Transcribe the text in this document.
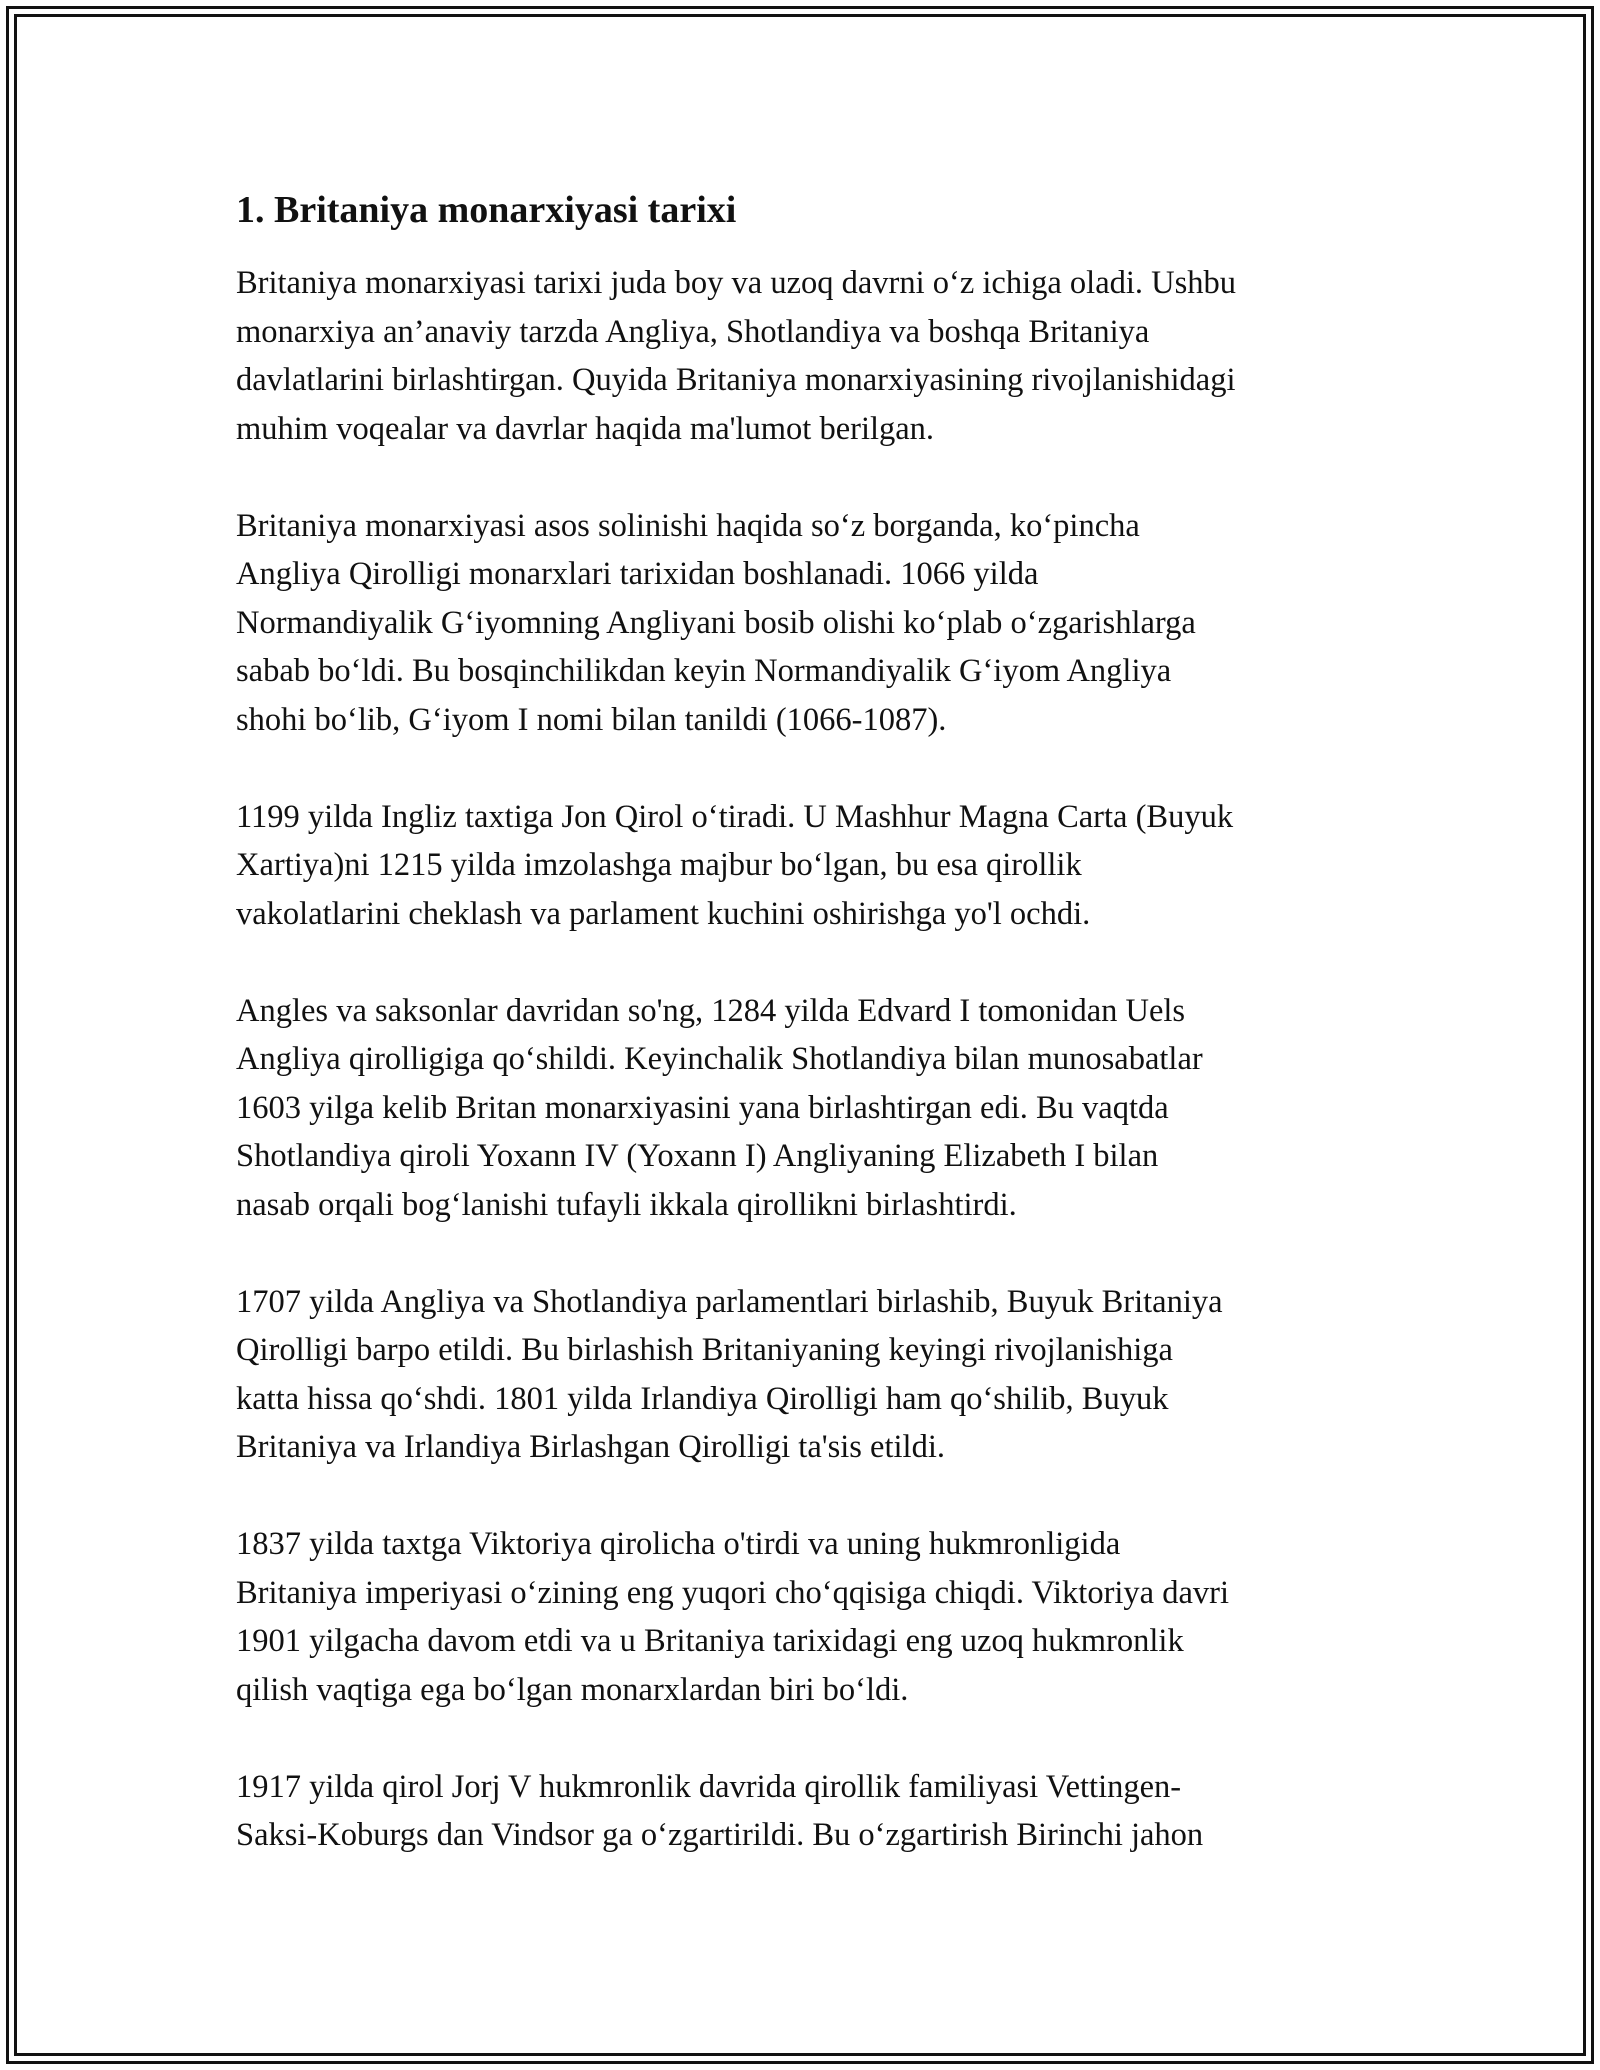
1. Britaniya monarxiyasi tarixi

Britaniya monarxiyasi tarixi juda boy va uzoq davrni o‘z ichiga oladi. Ushbu
monarxiya an’anaviy tarzda Angliya, Shotlandiya va boshqa Britaniya
davlatlarini birlashtirgan. Quyida Britaniya monarxiyasining rivojlanishidagi
muhim voqealar va davrlar haqida ma'lumot berilgan.

Britaniya monarxiyasi asos solinishi haqida so‘z borganda, ko‘pincha
Angliya Qirolligi monarxlari tarixidan boshlanadi. 1066 yilda
Normandiyalik G‘iyomning Angliyani bosib olishi ko‘plab o‘zgarishlarga
sabab bo‘ldi. Bu bosqinchilikdan keyin Normandiyalik G‘iyom Angliya
shohi bo‘lib, G‘iyom I nomi bilan tanildi (1066-1087).

1199 yilda Ingliz taxtiga Jon Qirol o‘tiradi. U Mashhur Magna Carta (Buyuk
Xartiya)ni 1215 yilda imzolashga majbur bo‘lgan, bu esa qirollik
vakolatlarini cheklash va parlament kuchini oshirishga yo'l ochdi.

Angles va saksonlar davridan so'ng, 1284 yilda Edvard I tomonidan Uels
Angliya qirolligiga qo‘shildi. Keyinchalik Shotlandiya bilan munosabatlar
1603 yilga kelib Britan monarxiyasini yana birlashtirgan edi. Bu vaqtda
Shotlandiya qiroli Yoxann IV (Yoxann I) Angliyaning Elizabeth I bilan
nasab orqali bog‘lanishi tufayli ikkala qirollikni birlashtirdi.

1707 yilda Angliya va Shotlandiya parlamentlari birlashib, Buyuk Britaniya
Qirolligi barpo etildi. Bu birlashish Britaniyaning keyingi rivojlanishiga
katta hissa qo‘shdi. 1801 yilda Irlandiya Qirolligi ham qo‘shilib, Buyuk
Britaniya va Irlandiya Birlashgan Qirolligi ta'sis etildi.

1837 yilda taxtga Viktoriya qirolicha o'tirdi va uning hukmronligida
Britaniya imperiyasi o‘zining eng yuqori cho‘qqisiga chiqdi. Viktoriya davri
1901 yilgacha davom etdi va u Britaniya tarixidagi eng uzoq hukmronlik
qilish vaqtiga ega bo‘lgan monarxlardan biri bo‘ldi.

1917 yilda qirol Jorj V hukmronlik davrida qirollik familiyasi Vettingen-
Saksi-Koburgs dan Vindsor ga o‘zgartirildi. Bu o‘zgartirish Birinchi jahon
